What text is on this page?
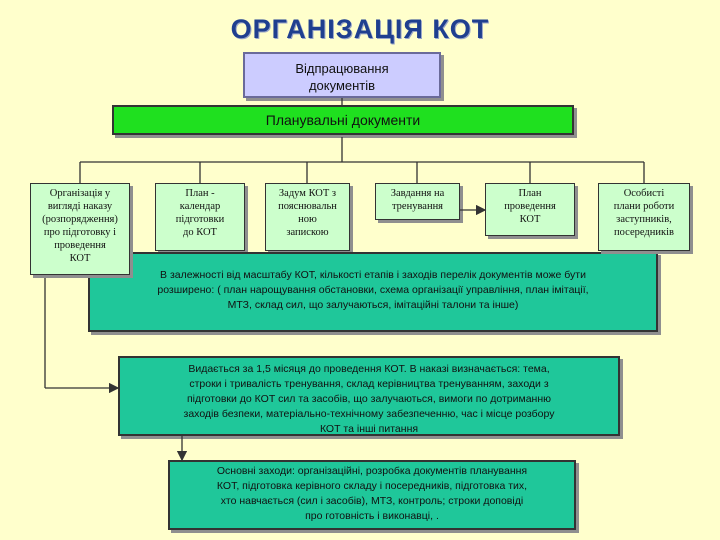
ОРГАНІЗАЦІЯ КОТ
Відпрацювання
документів
Планувальні документи
Організація у
вигляді наказу
(розпорядження)
про підготовку і
проведення
КОТ
План -
календар
підготовки
до КОТ
Задум КОТ з
пояснювальн
ною
запискою
Завдання на
тренування
План
проведення
КОТ
Особисті
плани роботи
заступників,
посередників
В залежності від масштабу КОТ, кількості етапів і заходів перелік документів може бути
розширено: ( план нарощування обстановки, схема організації управління, план імітації,
МТЗ, склад сил, що залучаються, імітаційні талони та інше)
Видається за 1,5 місяця до проведення КОТ. В наказі визначається: тема,
строки і тривалість тренування, склад керівництва тренуванням, заходи з
підготовки до КОТ сил та засобів, що залучаються, вимоги по дотриманню
заходів безпеки, матеріально-технічному забезпеченню, час і місце розбору
КОТ та інші питання
Основні заходи: організаційні, розробка документів планування
КОТ, підготовка керівного складу і посередників, підготовка тих,
хто навчається (сил і засобів), МТЗ, контроль; строки доповіді
про готовність і виконавці, .
